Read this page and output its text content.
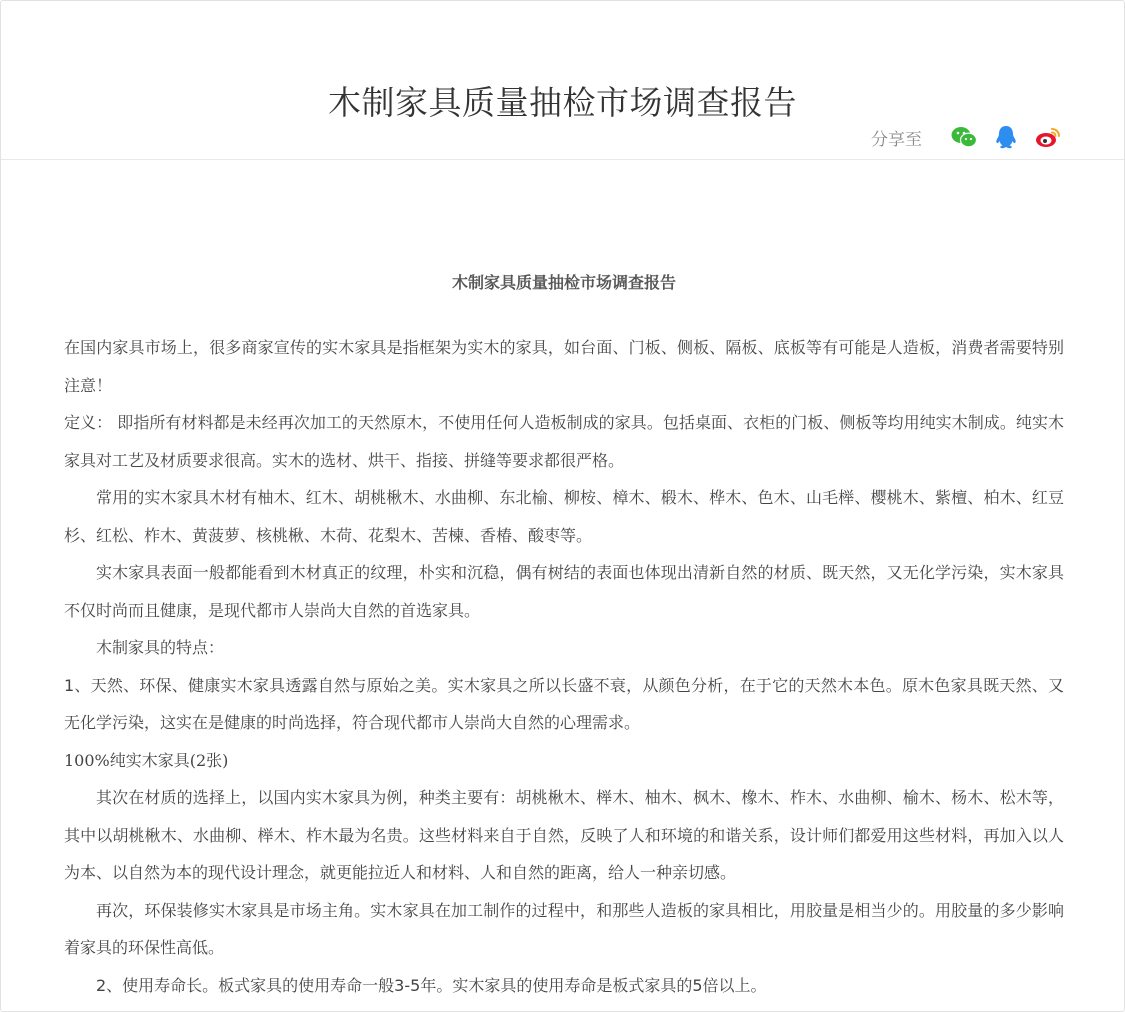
木制家具质量抽检市场调查报告
分享至
木制家具质量抽检市场调查报告

在国内家具市场上，很多商家宣传的实木家具是指框架为实木的家具，如台面、门板、侧板、隔板、底板等有可能是人造板，消费者需要特别注意！

定义： 即指所有材料都是未经再次加工的天然原木，不使用任何人造板制成的家具。包括桌面、衣柜的门板、侧板等均用纯实木制成。纯实木家具对工艺及材质要求很高。实木的选材、烘干、指接、拼缝等要求都很严格。

常用的实木家具木材有柚木、红木、胡桃楸木、水曲柳、东北榆、柳桉、樟木、椴木、桦木、色木、山毛榉、樱桃木、紫檀、柏木、红豆杉、红松、柞木、黄菠萝、核桃楸、木荷、花梨木、苦楝、香椿、酸枣等。

实木家具表面一般都能看到木材真正的纹理，朴实和沉稳，偶有树结的表面也体现出清新自然的材质、既天然，又无化学污染，实木家具不仅时尚而且健康，是现代都市人崇尚大自然的首选家具。

木制家具的特点：

1、天然、环保、健康实木家具透露自然与原始之美。实木家具之所以长盛不衰，从颜色分析，在于它的天然木本色。原木色家具既天然、又无化学污染，这实在是健康的时尚选择，符合现代都市人崇尚大自然的心理需求。

100%纯实木家具(2张)

其次在材质的选择上，以国内实木家具为例，种类主要有：胡桃楸木、榉木、柚木、枫木、橡木、柞木、水曲柳、榆木、杨木、松木等，其中以胡桃楸木、水曲柳、榉木、柞木最为名贵。这些材料来自于自然，反映了人和环境的和谐关系，设计师们都爱用这些材料，再加入以人为本、以自然为本的现代设计理念，就更能拉近人和材料、人和自然的距离，给人一种亲切感。

再次，环保装修实木家具是市场主角。实木家具在加工制作的过程中，和那些人造板的家具相比，用胶量是相当少的。用胶量的多少影响着家具的环保性高低。

2、使用寿命长。板式家具的使用寿命一般3-5年。实木家具的使用寿命是板式家具的5倍以上。
